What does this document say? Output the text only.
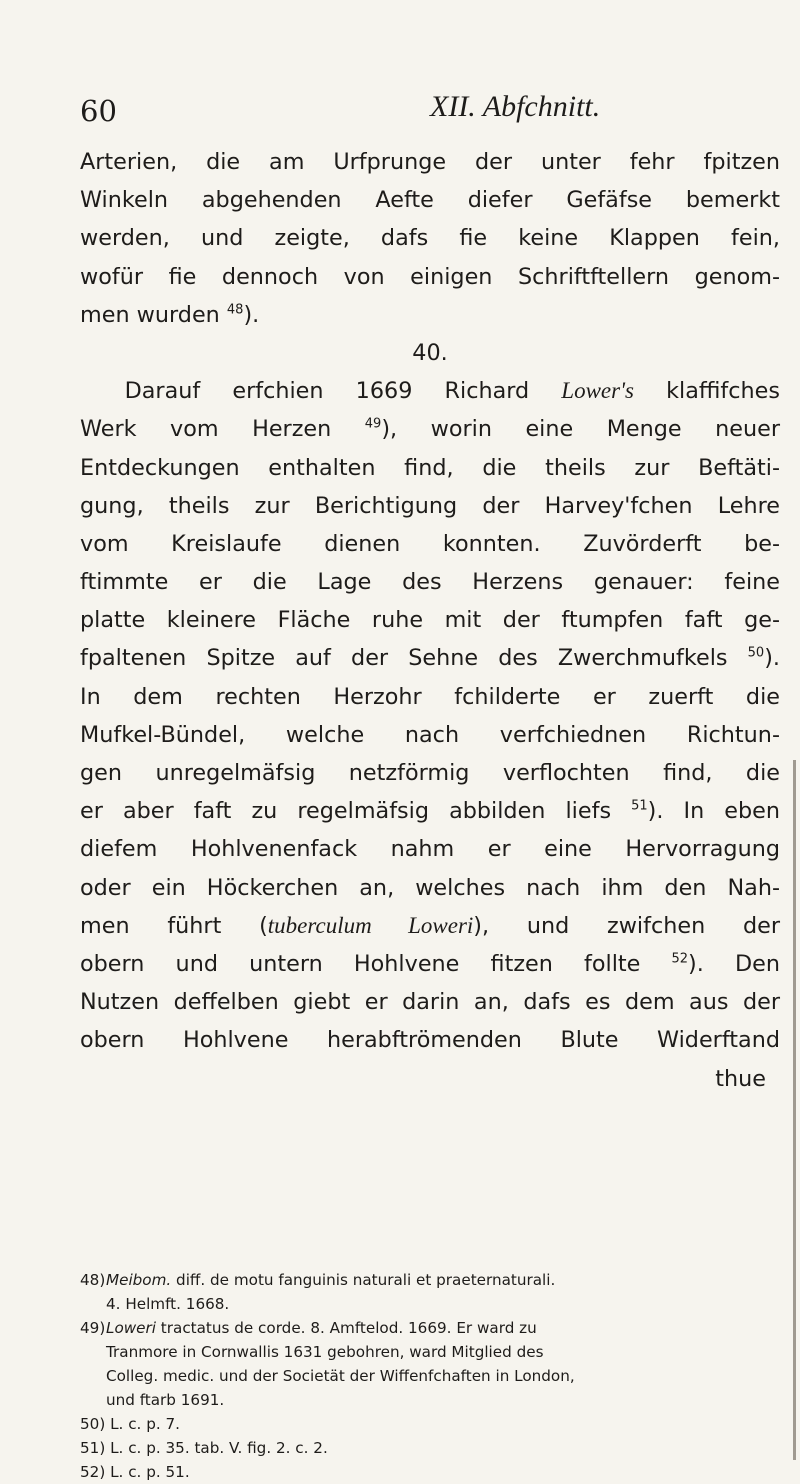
60	XII. Abfchnitt.
Arterien, die am Urfprunge der unter fehr fpitzen
Winkeln abgehenden Aefte diefer Gefäfse bemerkt
werden, und zeigte, dafs fie keine Klappen fein,
wofür fie dennoch von einigen Schriftftellern genom-
men wurden $^{48}$).
40.
  Darauf erfchien 1669 Richard Lower's klaffifches
Werk vom Herzen $^{49}$), worin eine Menge neuer
Entdeckungen enthalten find, die theils zur Beftäti-
gung, theils zur Berichtigung der Harvey'fchen Lehre
vom Kreislaufe dienen konnten. Zuvörderft be-
ftimmte er die Lage des Herzens genauer: feine
platte kleinere Fläche ruhe mit der ftumpfen faft ge-
fpaltenen Spitze auf der Sehne des Zwerchmufkels $^{50}$).
In dem rechten Herzohr fchilderte er zuerft die
Mufkel-Bündel, welche nach verfchiednen Richtun-
gen unregelmäfsig netzförmig verflochten find, die
er aber faft zu regelmäfsig abbilden liefs $^{51}$). In eben
diefem Hohlvenenfack nahm er eine Hervorragung
oder ein Höckerchen an, welches nach ihm den Nah-
men führt (tuberculum Loweri), und zwifchen der
obern und untern Hohlvene fitzen follte $^{52}$). Den
Nutzen deffelben giebt er darin an, dafs es dem aus der
obern Hohlvene herabftrömenden Blute Widerftand
thue
48)Meibom. diff. de motu fanguinis naturali et praeternaturali.
4. Helmft. 1668.
49)Loweri tractatus de corde. 8. Amftelod. 1669. Er ward zu
Tranmore in Cornwallis 1631 gebohren, ward Mitglied des
Colleg. medic. und der Societät der Wiffenfchaften in London,
und ftarb 1691.
50) L. c. p. 7.
51) L. c. p. 35. tab. V. fig. 2. c. 2.
52) L. c. p. 51.
